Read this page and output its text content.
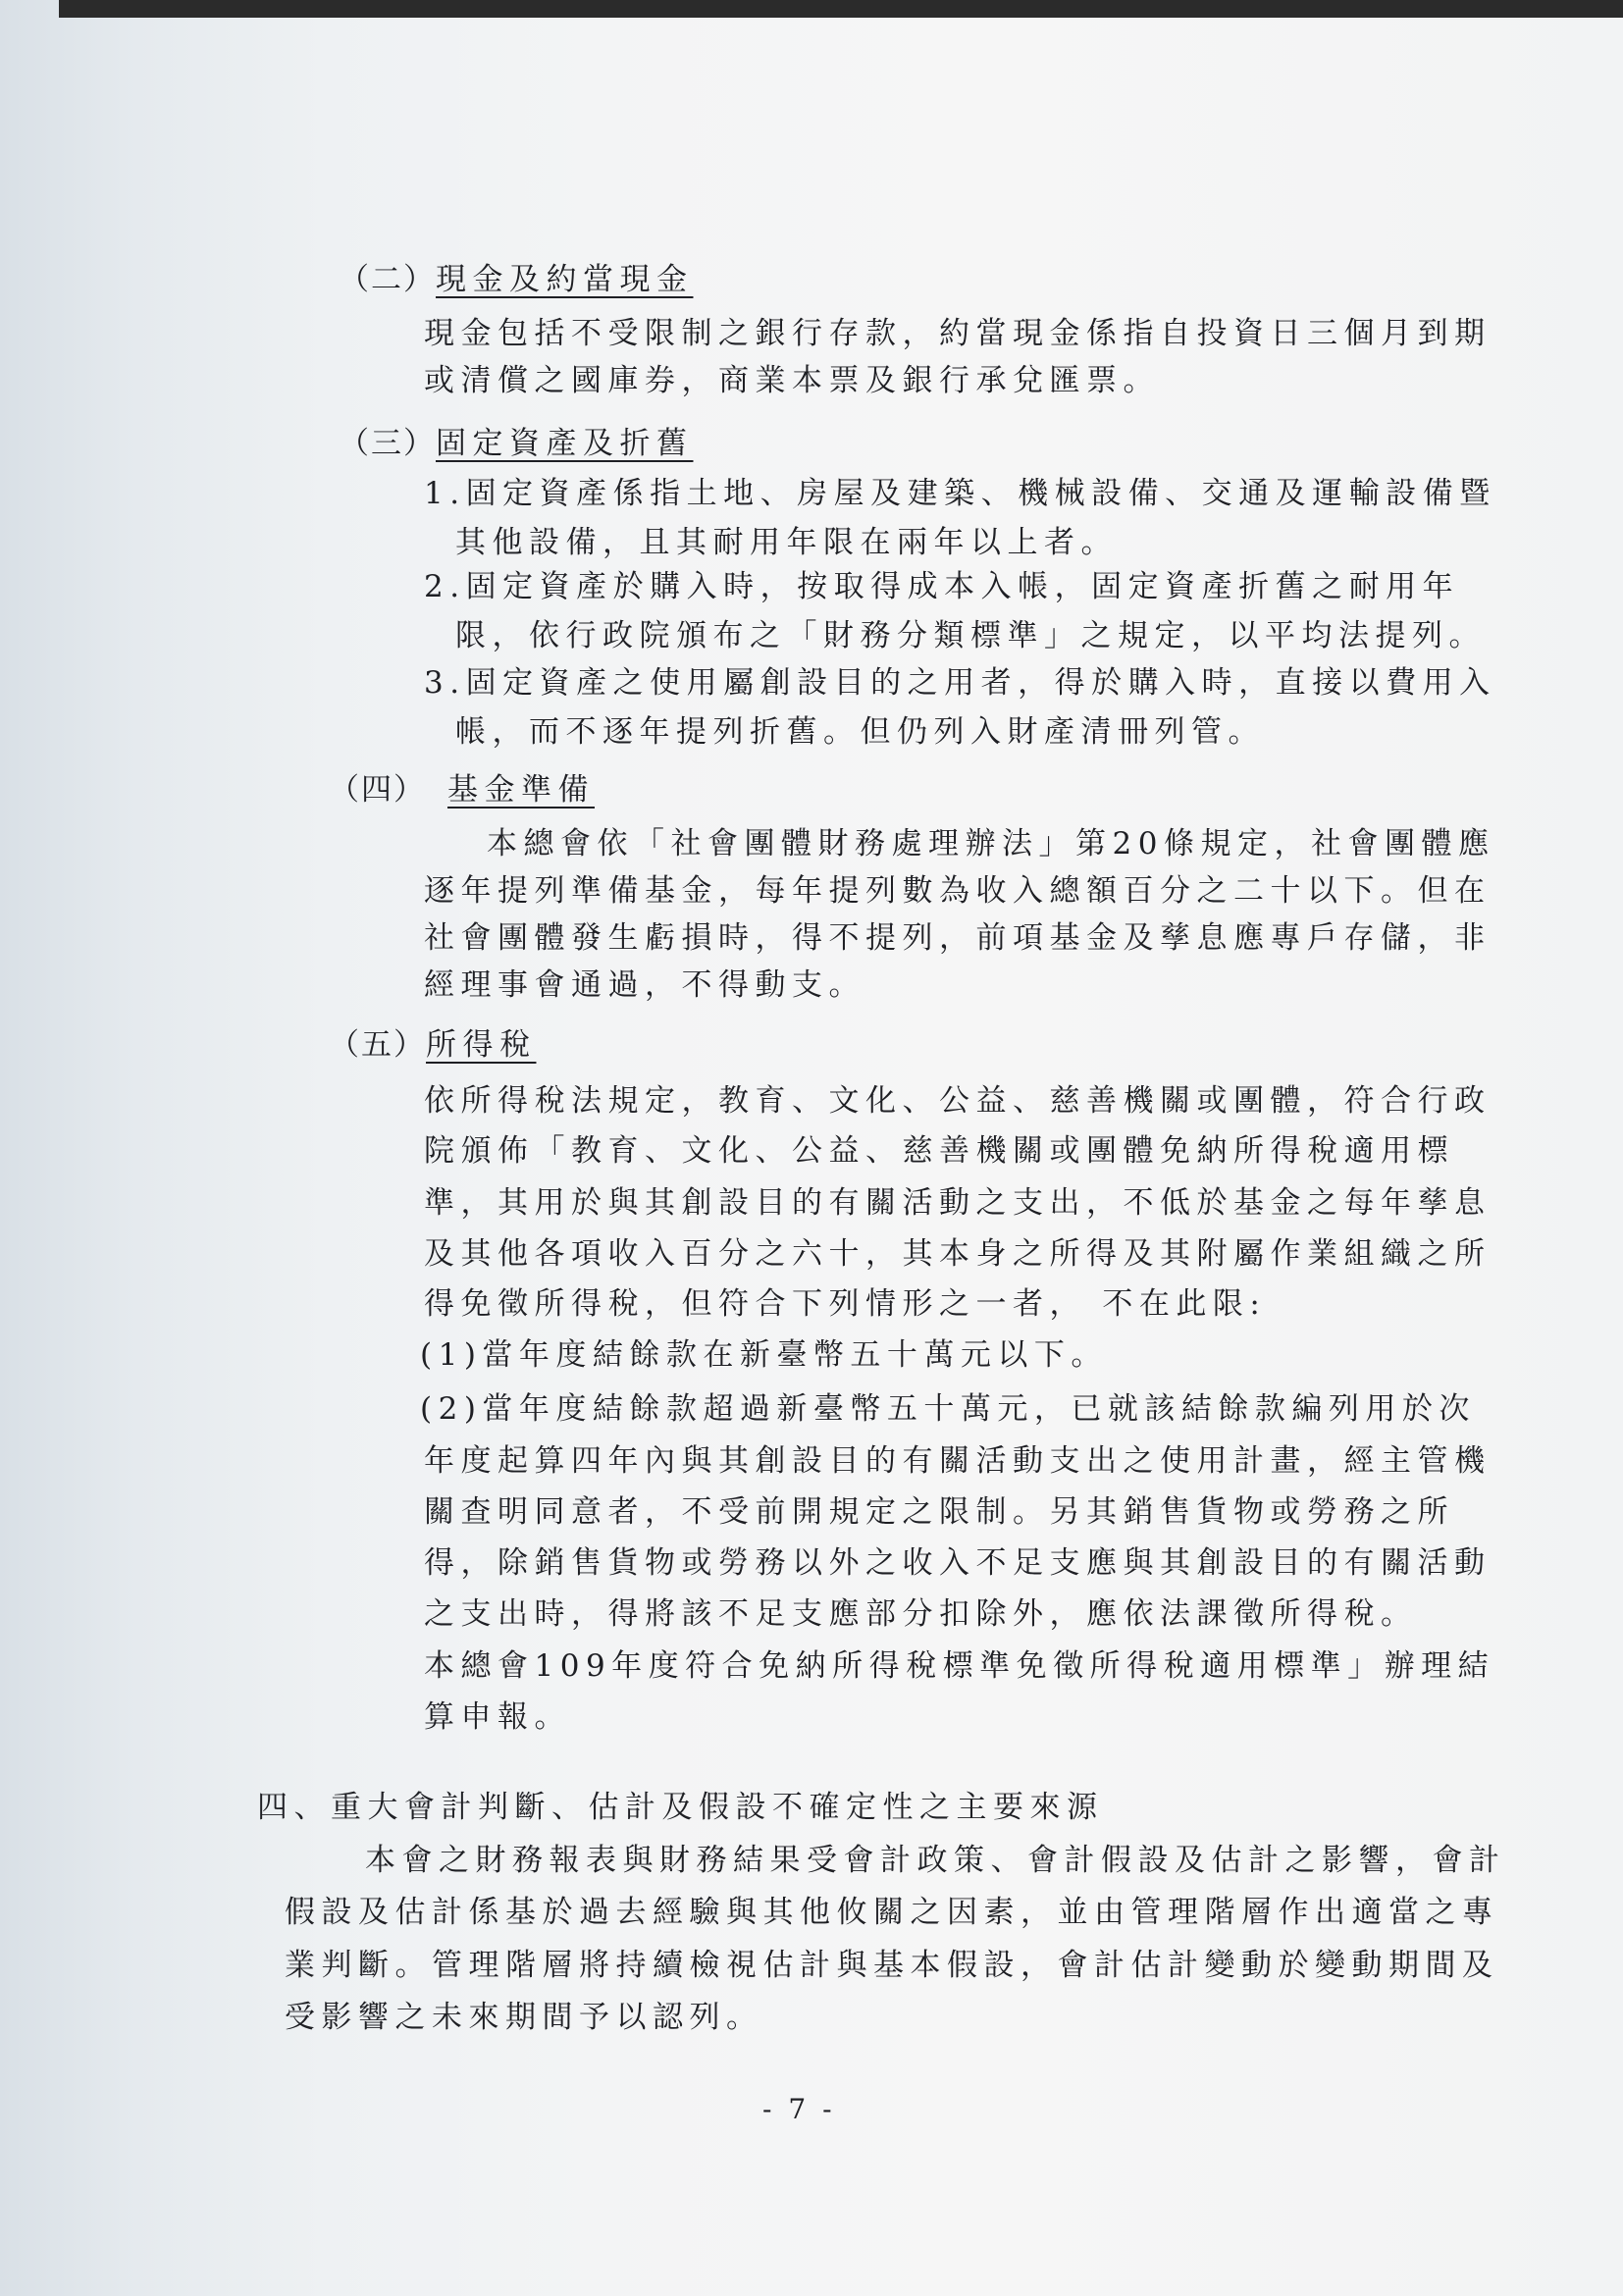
（二）現金及約當現金

現金包括不受限制之銀行存款，約當現金係指自投資日三個月到期

或清償之國庫券，商業本票及銀行承兌匯票。

（三）固定資產及折舊

1.固定資產係指土地、房屋及建築、機械設備、交通及運輸設備暨

其他設備，且其耐用年限在兩年以上者。

2.固定資產於購入時，按取得成本入帳，固定資產折舊之耐用年

限，依行政院頒布之「財務分類標準」之規定，以平均法提列。

3.固定資產之使用屬創設目的之用者，得於購入時，直接以費用入

帳，而不逐年提列折舊。但仍列入財產清冊列管。

（四） 基金準備

本總會依「社會團體財務處理辦法」第20條規定，社會團體應

逐年提列準備基金，每年提列數為收入總額百分之二十以下。但在

社會團體發生虧損時，得不提列，前項基金及孳息應專戶存儲，非

經理事會通過，不得動支。

（五）所得稅

依所得稅法規定，教育、文化、公益、慈善機關或團體，符合行政

院頒佈「教育、文化、公益、慈善機關或團體免納所得稅適用標

準，其用於與其創設目的有關活動之支出，不低於基金之每年孳息

及其他各項收入百分之六十，其本身之所得及其附屬作業組織之所

得免徵所得稅，但符合下列情形之一者， 不在此限:

(1)當年度結餘款在新臺幣五十萬元以下。

(2)當年度結餘款超過新臺幣五十萬元，已就該結餘款編列用於次

年度起算四年內與其創設目的有關活動支出之使用計畫，經主管機

關查明同意者，不受前開規定之限制。另其銷售貨物或勞務之所

得，除銷售貨物或勞務以外之收入不足支應與其創設目的有關活動

之支出時，得將該不足支應部分扣除外，應依法課徵所得稅。

本總會109年度符合免納所得稅標準免徵所得稅適用標準」辦理結

算申報。

四、重大會計判斷、估計及假設不確定性之主要來源

本會之財務報表與財務結果受會計政策、會計假設及估計之影響，會計

假設及估計係基於過去經驗與其他攸關之因素，並由管理階層作出適當之專

業判斷。管理階層將持續檢視估計與基本假設，會計估計變動於變動期間及

受影響之未來期間予以認列。

- 7 -
